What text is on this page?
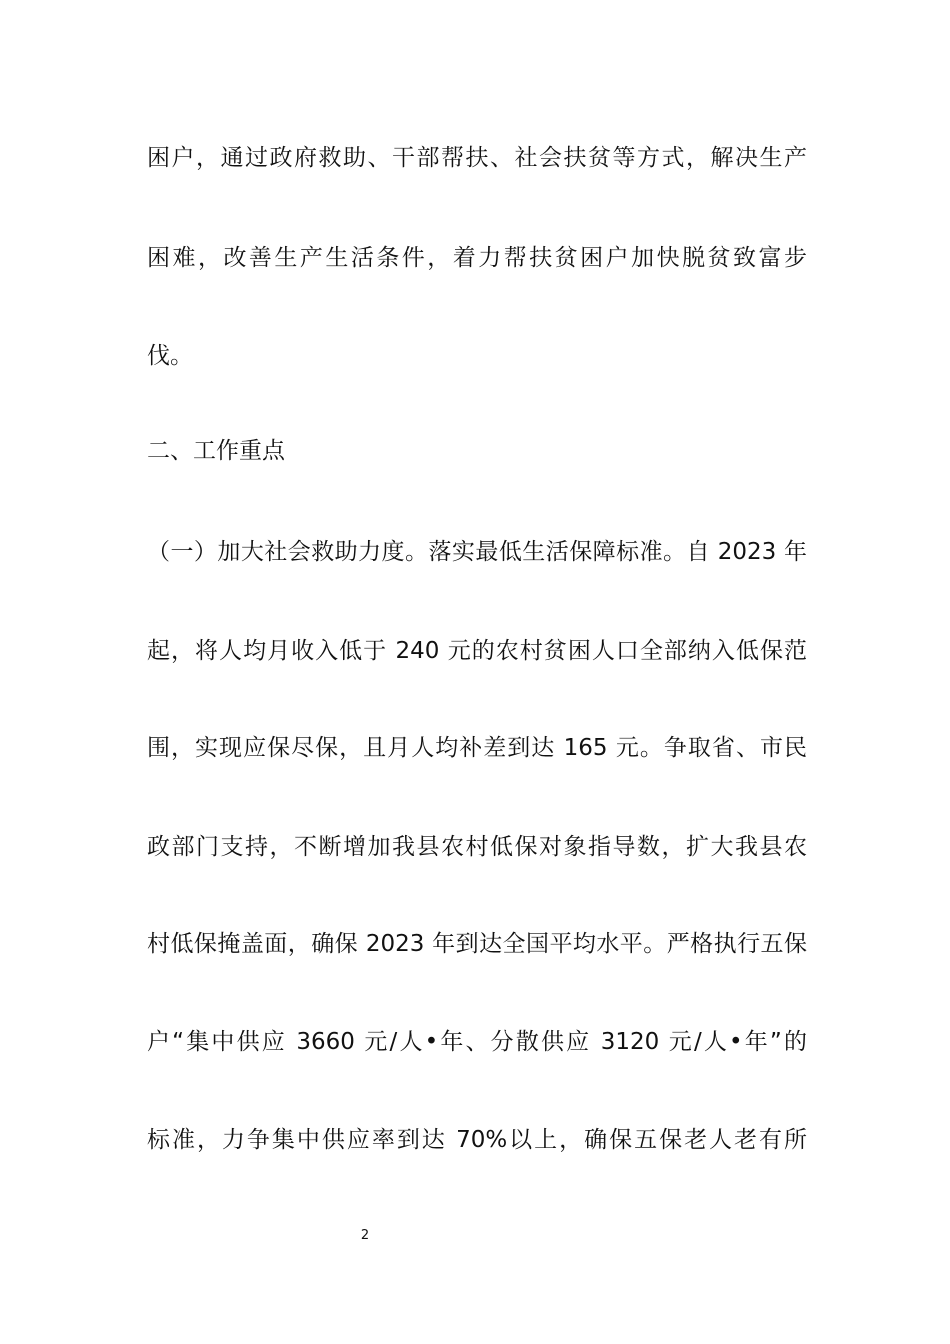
困户，通过政府救助、干部帮扶、社会扶贫等方式，解决生产
困难，改善生产生活条件，着力帮扶贫困户加快脱贫致富步
伐。
二、工作重点
（一）加大社会救助力度。落实最低生活保障标准。自 2023 年
起，将人均月收入低于 240 元的农村贫困人口全部纳入低保范
围，实现应保尽保，且月人均补差到达 165 元。争取省、市民
政部门支持，不断增加我县农村低保对象指导数，扩大我县农
村低保掩盖面，确保 2023 年到达全国平均水平。严格执行五保
户“集中供应 3660 元/人•年、分散供应 3120 元/人•年”的
标准，力争集中供应率到达 70%以上，确保五保老人老有所
2
